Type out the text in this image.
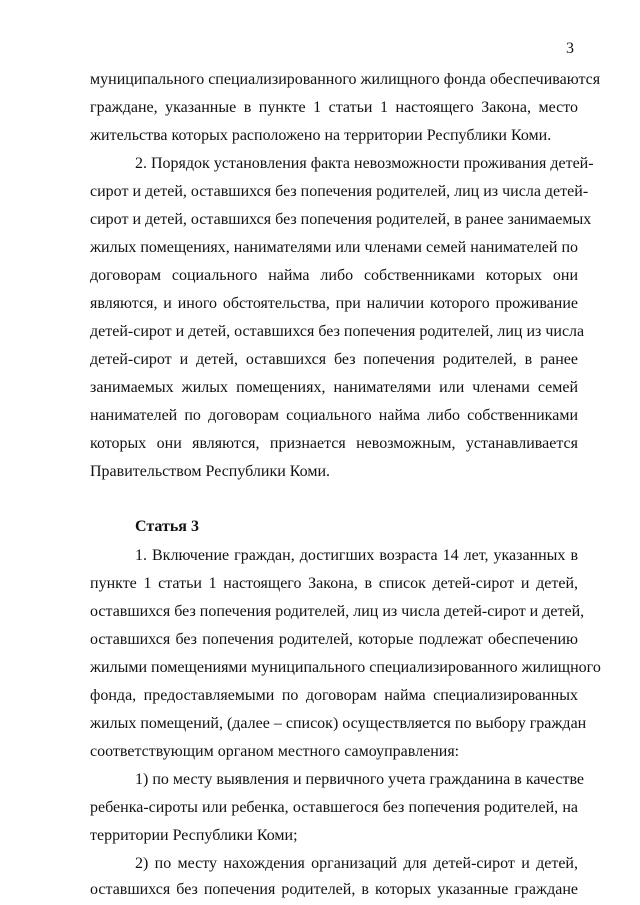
3
муниципального специализированного жилищного фонда обеспечиваются
граждане, указанные в пункте 1 статьи 1 настоящего Закона, место
жительства которых расположено на территории Республики Коми.
2. Порядок установления факта невозможности проживания детей-
сирот и детей, оставшихся без попечения родителей, лиц из числа детей-
сирот и детей, оставшихся без попечения родителей, в ранее занимаемых
жилых помещениях, нанимателями или членами семей нанимателей по
договорам социального найма либо собственниками которых они
являются, и иного обстоятельства, при наличии которого проживание
детей-сирот и детей, оставшихся без попечения родителей, лиц из числа
детей-сирот и детей, оставшихся без попечения родителей, в ранее
занимаемых жилых помещениях, нанимателями или членами семей
нанимателей по договорам социального найма либо собственниками
которых они являются, признается невозможным, устанавливается
Правительством Республики Коми.
Статья 3
1. Включение граждан, достигших возраста 14 лет, указанных в
пункте 1 статьи 1 настоящего Закона, в список детей-сирот и детей,
оставшихся без попечения родителей, лиц из числа детей-сирот и детей,
оставшихся без попечения родителей, которые подлежат обеспечению
жилыми помещениями муниципального специализированного жилищного
фонда, предоставляемыми по договорам найма специализированных
жилых помещений, (далее – список) осуществляется по выбору граждан
соответствующим органом местного самоуправления:
1) по месту выявления и первичного учета гражданина в качестве
ребенка-сироты или ребенка, оставшегося без попечения родителей, на
территории Республики Коми;
2) по месту нахождения организаций для детей-сирот и детей,
оставшихся без попечения родителей, в которых указанные граждане
